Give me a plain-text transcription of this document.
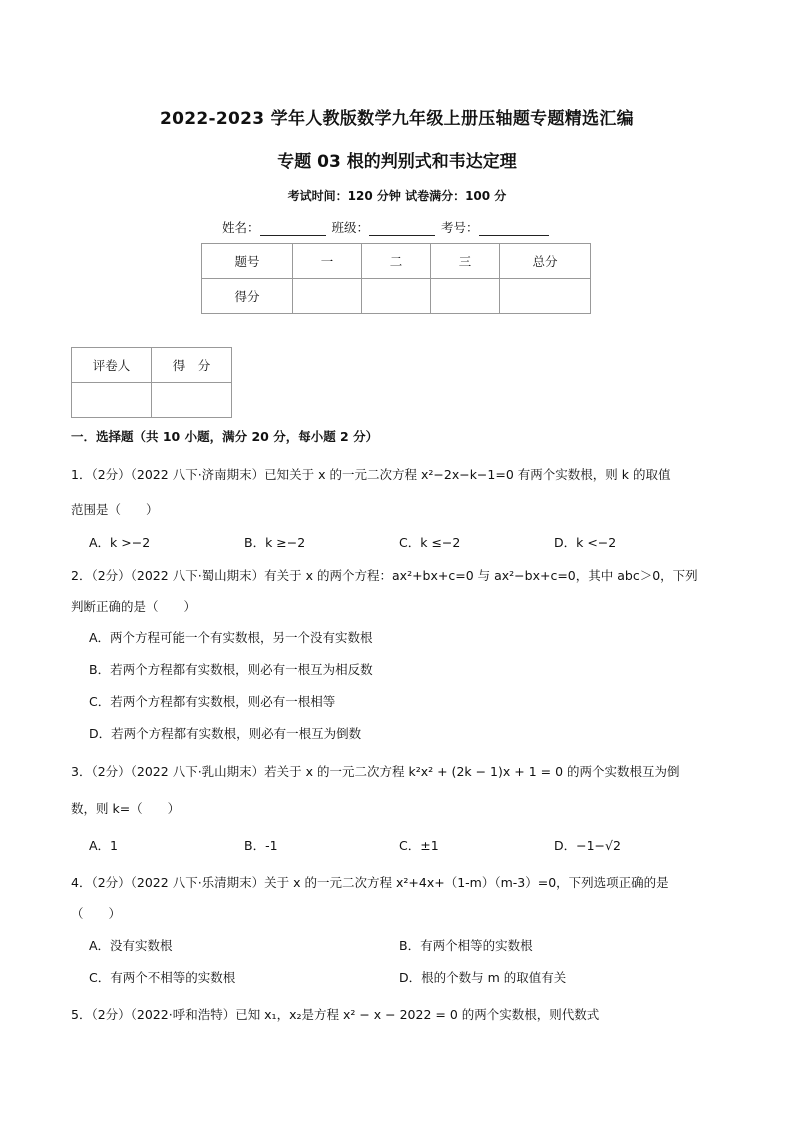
2022-2023 学年人教版数学九年级上册压轴题专题精选汇编
专题 03 根的判别式和韦达定理
考试时间：120 分钟 试卷满分：100 分
姓名：	班级：	考号：
题号	一	二	三	总分
得分				
评卷人	得　分

一．选择题（共 10 小题，满分 20 分，每小题 2 分）
1．（2分）（2022 八下·济南期末）已知关于 x 的一元二次方程 x²−2x−k−1=0 有两个实数根，则 k 的取值
范围是（　　）
A．k >−2	B．k ≥−2	C．k ≤−2	D．k <−2
2．（2分）（2022 八下·蜀山期末）有关于 x 的两个方程：ax²+bx+c=0 与 ax²−bx+c=0，其中 abc＞0，下列
判断正确的是（　　）
A．两个方程可能一个有实数根，另一个没有实数根
B．若两个方程都有实数根，则必有一根互为相反数
C．若两个方程都有实数根，则必有一根相等
D．若两个方程都有实数根，则必有一根互为倒数
3．（2分）（2022 八下·乳山期末）若关于 x 的一元二次方程 k²x² + (2k − 1)x + 1 = 0 的两个实数根互为倒
数，则 k=（　　）
A．1	B．-1	C．±1	D．−1−√2
4．（2分）（2022 八下·乐清期末）关于 x 的一元二次方程 x²+4x+（1-m）（m-3）=0，下列选项正确的是
（　　）
A．没有实数根	B．有两个相等的实数根
C．有两个不相等的实数根	D．根的个数与 m 的取值有关
5．（2分）（2022·呼和浩特）已知 x₁，x₂是方程 x² − x − 2022 = 0 的两个实数根，则代数式
